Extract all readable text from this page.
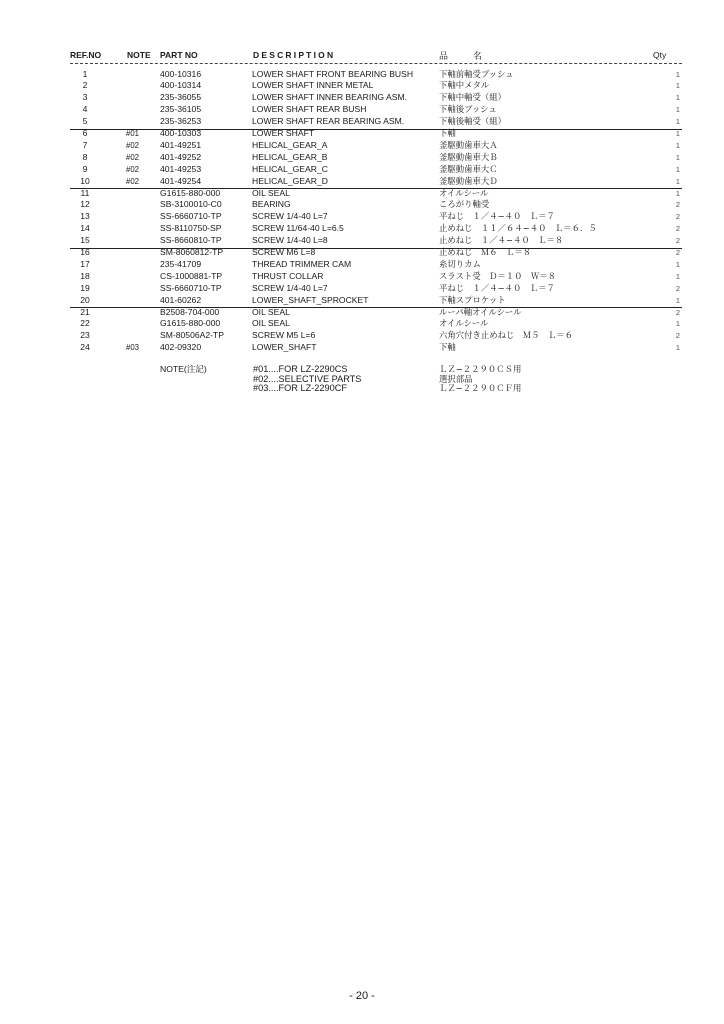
REF.NO	NOTE PART NO	DESCRIPTION	品　名	Qty
1	400-10316	LOWER SHAFT FRONT BEARING BUSH	下軸前軸受ブッシュ	1
2	400-10314	LOWER SHAFT INNER METAL	下軸中メタル	1
3	235-36055	LOWER SHAFT INNER BEARING ASM.	下軸中軸受（組）	1
4	235-36105	LOWER SHAFT REAR BUSH	下軸後ブッシュ	1
5	235-36253	LOWER SHAFT REAR BEARING ASM.	下軸後軸受（組）	1
6	#01 400-10303	LOWER SHAFT	下軸	1
7	#02 401-49251	HELICAL_GEAR_A	釜駆動歯車大Ａ	1
8	#02 401-49252	HELICAL_GEAR_B	釜駆動歯車大Ｂ	1
9	#02 401-49253	HELICAL_GEAR_C	釜駆動歯車大Ｃ	1
10	#02 401-49254	HELICAL_GEAR_D	釜駆動歯車大Ｄ	1
11	G1615-880-000	OIL SEAL	オイルシール	1
12	SB-3100010-C0	BEARING	ころがり軸受	2
13	SS-6660710-TP	SCREW 1/4-40 L=7	平ねじ　１／４−４０　Ｌ＝７	2
14	SS-8110750-SP	SCREW 11/64-40 L=6.5	止めねじ　１１／６４−４０　Ｌ＝６．５	2
15	SS-8660810-TP	SCREW 1/4-40 L=8	止めねじ　１／４−４０　Ｌ＝８	2
16	SM-8060812-TP	SCREW M6 L=8	止めねじ　Ｍ６　Ｌ＝８	2
17	235-41709	THREAD TRIMMER CAM	糸切りカム	1
18	CS-1000881-TP	THRUST COLLAR	スラスト受　Ｄ＝１０　Ｗ＝８	1
19	SS-6660710-TP	SCREW 1/4-40 L=7	平ねじ　１／４−４０　Ｌ＝７	2
20	401-60262	LOWER_SHAFT_SPROCKET	下軸スプロケット	1
21	B2508-704-000	OIL SEAL	ルーパ軸オイルシール	2
22	G1615-880-000	OIL SEAL	オイルシール	1
23	SM-80506A2-TP	SCREW M5 L=6	六角穴付き止めねじ　Ｍ５　Ｌ＝６	2
24	#03 402-09320	LOWER_SHAFT	下軸	1
NOTE(注記)	#01....FOR LZ-2290CS	ＬＺ−２２９０ＣＳ用
#02....SELECTIVE PARTS	選択部品
#03....FOR LZ-2290CF	ＬＺ−２２９０ＣＦ用
- 20 -
